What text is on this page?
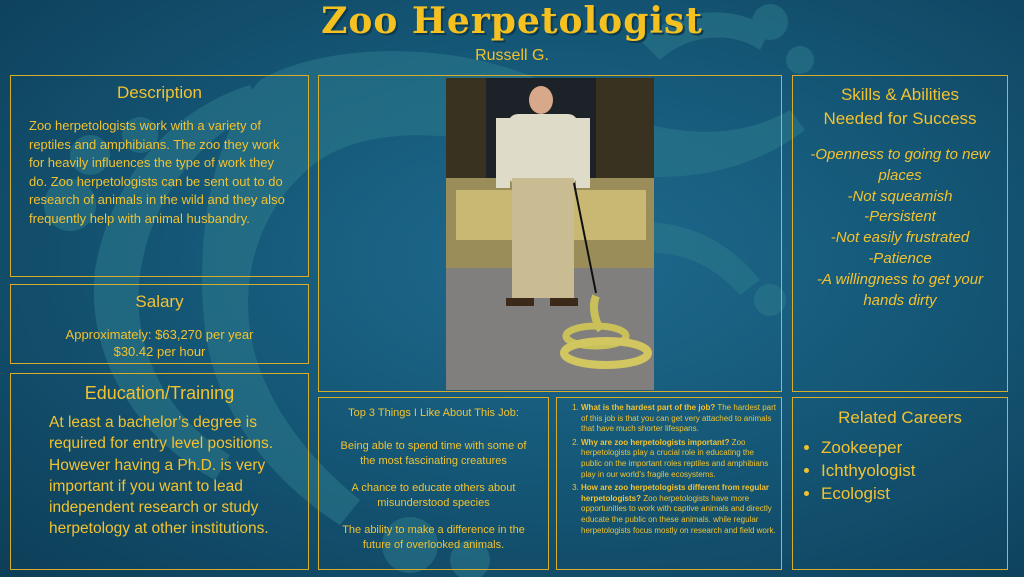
Zoo Herpetologist
Russell G.
Description
Zoo herpetologists work with a variety of reptiles and amphibians. The zoo they work for heavily influences the type of work they do. Zoo herpetologists can be sent out to do research of animals in the wild and they also frequently help with animal husbandry.
Salary
Approximately: $63,270 per year
$30.42 per hour
Education/Training
At least a bachelor’s degree is required for entry level positions. However having a Ph.D. is very important if you want to lead independent research or study herpetology at other institutions.
Skills & Abilities
Needed for Success
-Openness to going to new places
-Not squeamish
-Persistent
-Not easily frustrated
-Patience
-A willingness to get your hands dirty
Top 3 Things I Like About This Job:
Being able to spend time with some of the most fascinating creatures
A chance to educate others about misunderstood species
The ability to make a difference in the future of overlooked animals.
1. What is the hardest part of the job? The hardest part of this job is that you can get very attached to animals that have much shorter lifespans.
2. Why are zoo herpetologists important? Zoo herpetologists play a crucial role in educating the public on the important roles reptiles and amphibians play in our world’s fragile ecosystems.
3. How are zoo herpetologists different from regular herpetologists? Zoo herpetologists have more opportunities to work with captive animals and directly educate the public on these animals. while regular herpetologists focus mostly on research and field work.
Related Careers
• Zookeeper
• Ichthyologist
• Ecologist
